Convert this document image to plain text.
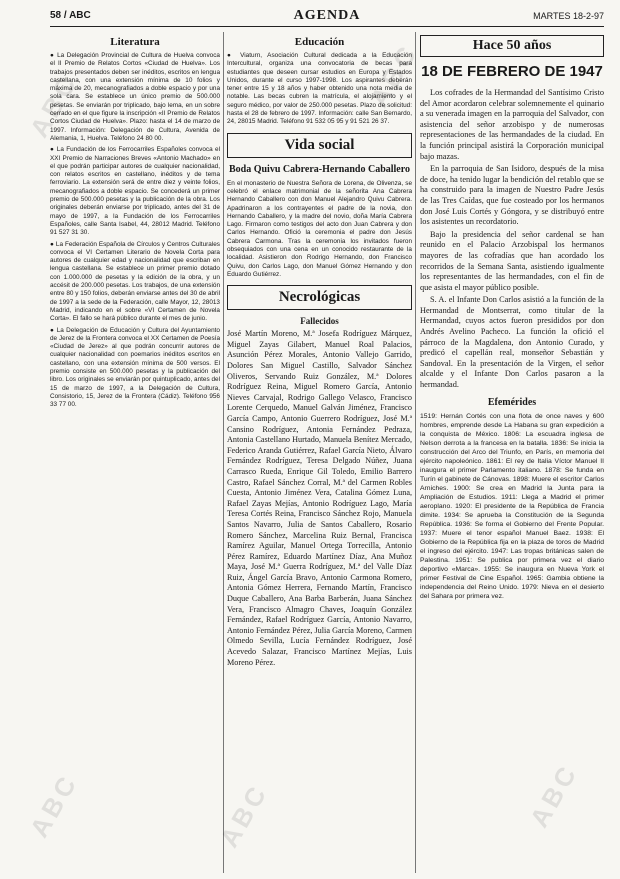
58 / ABC	AGENDA	MARTES 18-2-97
Literatura

● La Delegación Provincial de Cultura de Huelva convoca el II Premio de Relatos Cortos «Ciudad de Huelva». Los trabajos presentados deben ser inéditos, escritos en lengua castellana, con una extensión mínima de 10 folios y máxima de 20, mecanografiados a doble espacio y por una sola cara. Se establece un único premio de 500.000 pesetas. Se enviarán por triplicado, bajo lema, en un sobre cerrado en el que figure la inscripción «II Premio de Relatos Cortos Ciudad de Huelva». Plazo: hasta el 14 de marzo de 1997. Información: Delegación de Cultura, Avenida de Alemania, 1, Huelva. Teléfono 24 80 00.

● La Fundación de los Ferrocarriles Españoles convoca el XXI Premio de Narraciones Breves «Antonio Machado» en el que podrán participar autores de cualquier nacionalidad, con relatos escritos en castellano, inéditos y de tema ferroviario. La extensión será de entre diez y veinte folios, mecanografiados a doble espacio. Se concederá un primer premio de 500.000 pesetas y la publicación de la obra. Los originales deberán enviarse por triplicado, antes del 31 de mayo de 1997, a la Fundación de los Ferrocarriles Españoles, calle Santa Isabel, 44, 28012 Madrid. Teléfono 91 527 31 30.

● La Federación Española de Círculos y Centros Culturales convoca el VI Certamen Literario de Novela Corta para autores de cualquier edad y nacionalidad que escriban en lengua castellana. Se establece un primer premio dotado con 1.000.000 de pesetas y la edición de la obra, y un accésit de 200.000 pesetas. Los trabajos, de una extensión entre 80 y 150 folios, deberán enviarse antes del 30 de abril de 1997 a la sede de la Federación, calle Mayor, 12, 28013 Madrid, indicando en el sobre «VI Certamen de Novela Corta». El fallo se hará público durante el mes de junio.

● La Delegación de Educación y Cultura del Ayuntamiento de Jerez de la Frontera convoca el XX Certamen de Poesía «Ciudad de Jerez» al que podrán concurrir autores de cualquier nacionalidad con poemarios inéditos escritos en castellano, con una extensión mínima de 500 versos. El premio consiste en 500.000 pesetas y la publicación del libro. Los originales se enviarán por quintuplicado, antes del 15 de marzo de 1997, a la Delegación de Cultura, Consistorio, 15, Jerez de la Frontera (Cádiz). Teléfono 956 33 77 00.

Educación

● Viaturn, Asociación Cultural dedicada a la Educación Intercultural, organiza una convocatoria de becas para estudiantes que deseen cursar estudios en Europa y Estados Unidos, durante el curso 1997-1998. Los aspirantes deberán tener entre 15 y 18 años y haber obtenido una nota media de notable. Las becas cubren la matrícula, el alojamiento y el seguro médico, por valor de 250.000 pesetas. Plazo de solicitud: hasta el 28 de febrero de 1997. Información: calle San Bernardo, 24, 28015 Madrid. Teléfono 91 532 05 95 y 91 521 26 37.

Vida social
Boda Quivu Cabrera-Hernando Caballero

En el monasterio de Nuestra Señora de Lorena, de Olivenza, se celebró el enlace matrimonial de la señorita Ana Cabrera Hernando Caballero con don Manuel Alejandro Quivu Cabrera. Apadrinaron a los contrayentes el padre de la novia, don Hernando Caballero, y la madre del novio, doña María Cabrera Lago. Firmaron como testigos del acto don Juan Cabrera y don Carlos Hernando. Ofició la ceremonia el padre don Jesús Cabrera Carmona. Tras la ceremonia los invitados fueron obsequiados con una cena en un conocido restaurante de la localidad. Asistieron don Rodrigo Hernando, don Francisco Quivu, don Carlos Lago, don Manuel Gómez Hernando y don Eduardo Gutiérrez.

Necrológicas
Fallecidos

José Martín Moreno, M.ª Josefa Rodríguez Márquez, Miguel Zayas Gilabert, Manuel Roal Palacios, Asunción Pérez Morales, Antonio Vallejo Garrido, Dolores San Miguel Castillo, Salvador Sánchez Oliveros, Servando Ruiz González, M.ª Dolores Rodríguez Reina, Miguel Romero García, Antonio Nieves Carvajal, Rodrigo Gallego Velasco, Francisco Lorente Cerquedo, Manuel Galván Jiménez, Francisco García Campo, Antonio Guerrero Rodríguez, José M.ª Cansino Rodríguez, Antonia Fernández Pedraza, Antonia Castellano Hurtado, Manuela Benítez Mercado, Federico Aranda Gutiérrez, Rafael García Nieto, Álvaro Fernández Rodríguez, Teresa Delgado Núñez, Juana Carrasco Rueda, Enrique Gil Toledo, Emilio Barrero Castro, Rafael Sánchez Corral, M.ª del Carmen Robles Cuesta, Antonio Jiménez Vera, Catalina Gómez Luna, Rafael Zayas Mejías, Antonio Rodríguez Lago, María Teresa Cortés Reina, Francisco Sánchez Rojo, Manuela Santos Navarro, Julia de Santos Caballero, Rosario Romero Sánchez, Marcelina Ruiz Bernal, Francisca Ramírez Aguilar, Manuel Ortega Torrecilla, Antonio Pérez Ramírez, Eduardo Martínez Díaz, Ana Muñoz Maya, José M.ª Guerra Rodríguez, M.ª del Valle Díaz Ruiz, Ángel García Bravo, Antonio Carmona Romero, Antonia Gómez Herrera, Fernando Martín, Francisco Duque Caballero, Ana Barba Barberán, Juana Sánchez Vera, Francisco Almagro Chaves, Joaquín González Fernández, Rafael Rodríguez García, Antonio Navarro, Antonio Fernández Pérez, Julia García Moreno, Carmen Olmedo Sevilla, Lucía Fernández Rodríguez, José Acevedo Salazar, Francisco Martínez Mejías, Luis Moreno Pérez.

Hace 50 años
18 DE FEBRERO DE 1947

Los cofrades de la Hermandad del Santísimo Cristo del Amor acordaron celebrar solemnemente el quinario a su venerada imagen en la parroquia del Salvador, con asistencia del señor arzobispo y de numerosas representaciones de las hermandades de la ciudad. En la función principal asistirá la Corporación municipal bajo mazas.

En la parroquia de San Isidoro, después de la misa de doce, ha tenido lugar la bendición del retablo que se ha construido para la imagen de Nuestro Padre Jesús de las Tres Caídas, que fue costeado por los hermanos don José Luis Cortés y Góngora, y se distribuyó entre los asistentes un recordatorio.

Bajo la presidencia del señor cardenal se han reunido en el Palacio Arzobispal los hermanos mayores de las cofradías que han acordado los recorridos de la Semana Santa, asistiendo igualmente los representantes de las hermandades, con el fin de que asista el mayor público posible.

S. A. el Infante Don Carlos asistió a la función de la Hermandad de Montserrat, como titular de la Hermandad, cuyos actos fueron presididos por don Andrés Avelino Pacheco. La función la ofició el párroco de la Magdalena, don Antonio Curado, y predicó el capellán real, monseñor Sebastián y Sandoval. En la presentación de la Virgen, el señor alcalde y el Infante Don Carlos pasaron a la hermandad.

Efemérides

1519: Hernán Cortés con una flota de once naves y 600 hombres, emprende desde La Habana su gran expedición a la conquista de México. 1806: La escuadra inglesa de Nelson derrota a la francesa en la batalla. 1836: Se inicia la construcción del Arco del Triunfo, en París, en memoria del ejército napoleónico. 1861: El rey de Italia Víctor Manuel II inaugura el primer Parlamento italiano. 1878: Se funda en Turín el gabinete de Cánovas. 1898: Muere el escritor Carlos Arniches. 1900: Se crea en Madrid la Junta para la Ampliación de Estudios. 1911: Llega a Madrid el primer aeroplano. 1920: El presidente de la República de Francia dimite. 1934: Se aprueba la Constitución de la Segunda República. 1936: Se forma el Gobierno del Frente Popular. 1937: Muere el tenor español Manuel Baez. 1938: El Gobierno de la República fija en la plaza de toros de Madrid el ingreso del ejército. 1947: Las tropas británicas salen de Palestina. 1951: Se publica por primera vez el diario deportivo «Marca». 1955: Se inaugura en Nueva York el primer Festival de Cine Español. 1965: Gambia obtiene la independencia del Reino Unido. 1979: Nieva en el desierto del Sahara por primera vez.

ABC	ABC
ABC	ABC	ABC
